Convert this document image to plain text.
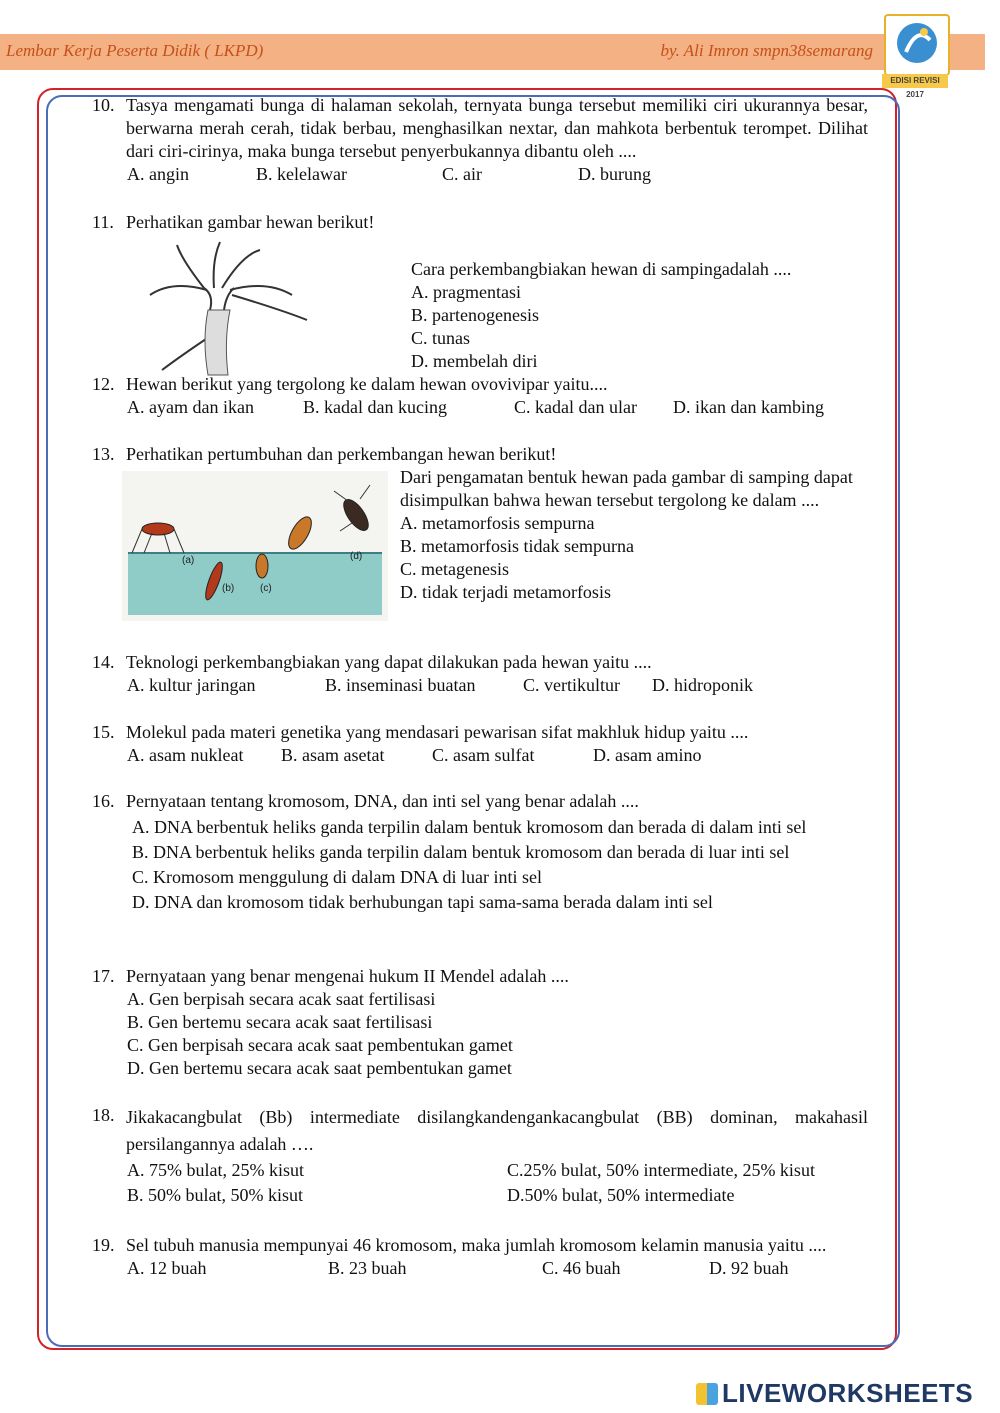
Lembar Kerja Peserta Didik ( LKPD)	by. Ali Imron smpn38semarang
EDISI REVISI 2017
10. Tasya mengamati bunga di halaman sekolah, ternyata bunga tersebut memiliki ciri ukurannya besar, berwarna merah cerah, tidak berbau, menghasilkan nextar, dan mahkota berbentuk terompet. Dilihat dari ciri-cirinya, maka bunga tersebut penyerbukannya dibantu oleh ....
A. angin	B. kelelawar	C. air	D. burung
11. Perhatikan gambar hewan berikut!
Cara perkembangbiakan hewan di sampingadalah ....
A. pragmentasi
B. partenogenesis
C. tunas
D. membelah diri
12. Hewan berikut yang tergolong ke dalam hewan ovovivipar yaitu....
A. ayam dan ikan	B. kadal dan kucing	C. kadal dan ular D. ikan dan kambing
13. Perhatikan pertumbuhan dan perkembangan hewan berikut!
(a)
(b)	(c)
(d)
Dari pengamatan bentuk hewan pada gambar di samping dapat disimpulkan bahwa hewan tersebut tergolong ke dalam ....
A. metamorfosis sempurna
B. metamorfosis tidak sempurna
C. metagenesis
D. tidak terjadi metamorfosis
14. Teknologi perkembangbiakan yang dapat dilakukan pada hewan yaitu ....
A. kultur jaringan	B. inseminasi buatan	C. vertikultur D. hidroponik
15. Molekul pada materi genetika yang mendasari pewarisan sifat makhluk hidup yaitu ....
A. asam nukleat B. asam asetat	C. asam sulfat	D. asam amino
16. Pernyataan tentang kromosom, DNA, dan inti sel yang benar adalah ....
A. DNA berbentuk heliks ganda terpilin dalam bentuk kromosom dan berada di dalam inti sel
B. DNA berbentuk heliks ganda terpilin dalam bentuk kromosom dan berada di luar inti sel
C. Kromosom menggulung di dalam DNA di luar inti sel
D. DNA dan kromosom tidak berhubungan tapi sama-sama berada dalam inti sel
17. Pernyataan yang benar mengenai hukum II Mendel adalah ....
A. Gen berpisah secara acak saat fertilisasi
B. Gen bertemu secara acak saat fertilisasi
C. Gen berpisah secara acak saat pembentukan gamet
D. Gen bertemu secara acak saat pembentukan gamet
18. Jikakacangbulat (Bb) intermediate disilangkandengankacangbulat (BB) dominan, makahasil persilangannya adalah ….
A. 75% bulat, 25% kisut
B. 50% bulat, 50% kisut
C.25% bulat, 50% intermediate, 25% kisut
D.50% bulat, 50% intermediate
19. Sel tubuh manusia mempunyai 46 kromosom, maka jumlah kromosom kelamin manusia yaitu ....
A. 12 buah	B. 23 buah	C. 46 buah	D. 92 buah
LIVEWORKSHEETS
